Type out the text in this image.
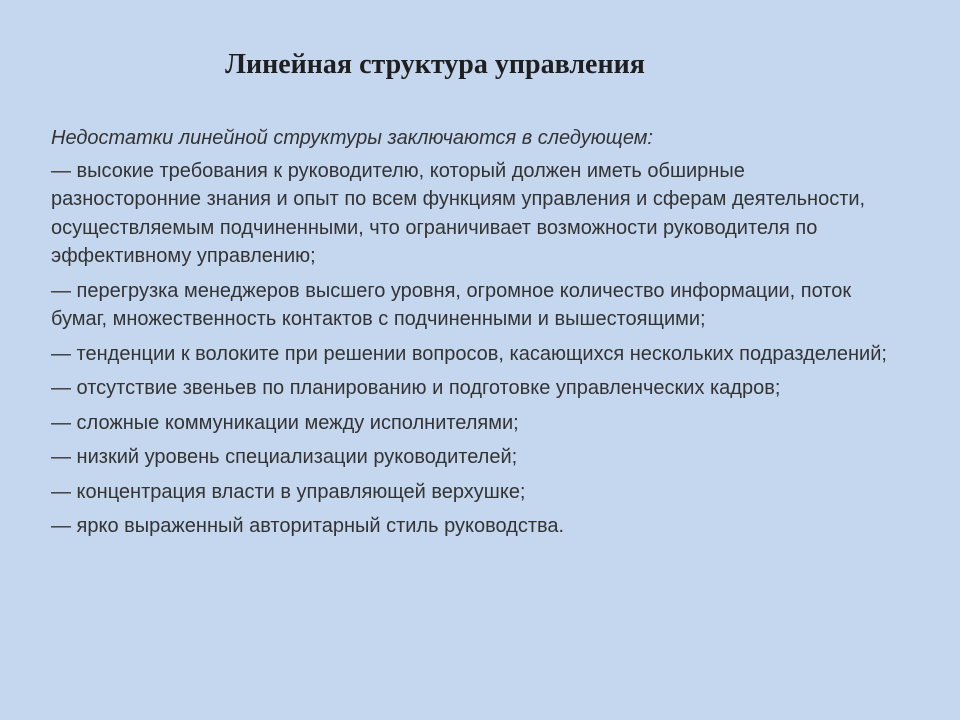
Линейная структура управления

Недостатки линейной структуры заключаются в следующем:

— высокие требования к руководителю, который должен иметь обширные разносторонние знания и опыт по всем функциям управления и сферам деятельности, осуществляемым подчиненными, что ограничивает возможности руководителя по эффективному управлению;
— перегрузка менеджеров высшего уровня, огромное количество информации, поток бумаг, множественность контактов с подчиненными и вышестоящими;
— тенденции к волоките при решении вопросов, касающихся нескольких подразделений;
— отсутствие звеньев по планированию и подготовке управленческих кадров;
— сложные коммуникации между исполнителями;
— низкий уровень специализации руководителей;
— концентрация власти в управляющей верхушке;
— ярко выраженный авторитарный стиль руководства.
